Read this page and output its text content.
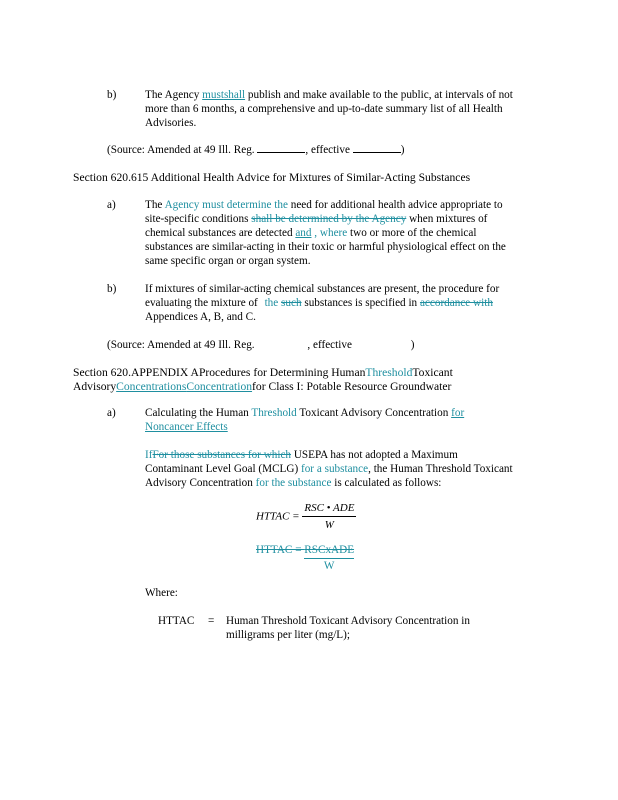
b)	The Agency mustshall publish and make available to the public, at intervals of not
more than 6 months, a comprehensive and up-to-date summary list of all Health
Advisories.
(Source: Amended at 49 Ill. Reg.	, effective	)
Section 620.615 Additional Health Advice for Mixtures of Similar-Acting Substances
a)	The Agency must determine the need for additional health advice appropriate to
site-specific conditions shall be determined by the Agency when mixtures of
chemical substances are detected and , where two or more of the chemical
substances are similar-acting in their toxic or harmful physiological effect on the
same specific organ or organ system.
b)	If mixtures of similar-acting chemical substances are present, the procedure for
evaluating the mixture of the such substances is specified in accordance with
Appendices A, B, and C.
(Source: Amended at 49 Ill. Reg.	, effective	)
Section 620.APPENDIX AProcedures for Determining HumanThresholdToxicant
AdvisoryConcentrationsConcentrationfor Class I: Potable Resource Groundwater
a)	Calculating the Human Threshold Toxicant Advisory Concentration for
Noncancer Effects
IfFor those substances for which USEPA has not adopted a Maximum
Contaminant Level Goal (MCLG) for a substance, the Human Threshold Toxicant
Advisory Concentration for the substance is calculated as follows:
HTTAC = $\frac{\text{RSC • ADE}}{W}$
HTTAC = $\frac{\text{RSCxADE}}{W}$
Where:
HTTAC = Human Threshold Toxicant Advisory Concentration in
milligrams per liter (mg/L);
